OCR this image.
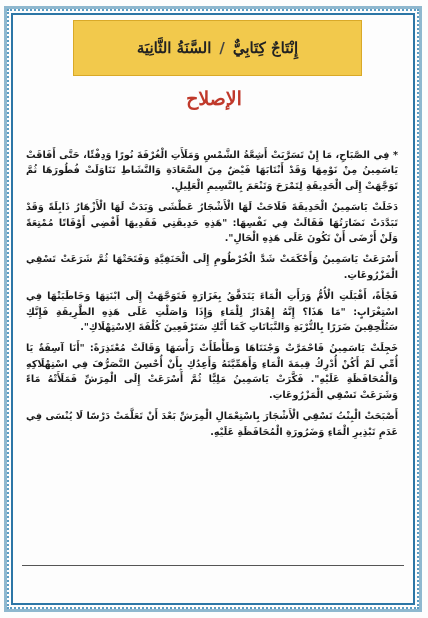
إِنْتَاجٌ كِتَابِيٌّ
/
السَّنَةُ الثَّانِيَة
الإصلاح

* فِي الصَّبَاحِ، مَا إِنْ تَسَرَّبَتْ أَشِعَّةُ الشَّمْسِ وَمَلَأَتِ الْغُرْفَةَ نُورًا وَدِفْئًا، حَتَّى أَفَاقَتْ يَاسَمِينُ مِنْ نَوْمِهَا وَقَدْ أَنْتَابَهَا فَيْضٌ مِنَ السَّعَادَةِ وَالنَّشَاطِ تَنَاوَلَتْ فُطُورَهَا ثُمَّ تَوَجَّهَتْ إِلَى الْحَدِيقَةِ لِتَمْرَحَ وَتَنْعَمَ بِالنَّسِيمِ الْعَلِيلِ.

دَخَلَتْ يَاسَمِينُ الْحَدِيقَةَ فَلَاحَتْ لَهَا الْأَشْجَارُ عَطْشَى وَبَدَتْ لَهَا الْأَزْهَارُ ذَابِلَةً وَقَدْ تَبَدَّدَتْ نَضَارَتُهَا فَقَالَتْ فِي نَفْسِهَا: "هَذِهِ حَدِيقَتِي فَقَدِيهَا أَقْضِي أَوْقَاتًا مُمْتِعَةً وَلَنْ أَرْضَى أَنْ تَكُونَ عَلَى هَذِهِ الْحَالِ".

أَسْرَعَتْ يَاسَمِينُ وَأَحْكَمَتْ شَدَّ الْخُرْطُومِ إِلَى الْحَنَفِيَّةِ وَفَتَحَتْهَا ثُمَّ شَرَعَتْ تَسْقِي الْمَزْرُوعَاتِ.

فَجْأَةً، أَقْبَلَتِ الْأُمُّ وَرَأَتِ الْمَاءَ يَتَدَفَّقُ بِغَزَارَةٍ فَتَوَجَّهَتْ إِلَى ابْنَتِهَا وَخَاطَبَتْهَا فِي اسْتِغْرَابٍ: "مَا هَذَا؟ إِنَّهُ إِهْدَارٌ لِلْمَاءِ وَإِذَا وَاصَلْتِ عَلَى هَذِهِ الطَّرِيقَةِ فَإِنَّكِ سَتُلْحِقِينَ ضَرَرًا بِالتُّرْبَةِ وَالنَّبَاتَاتِ كَمَا أَنَّكِ سَتَرْفَعِينَ كُلْفَةَ الِاسْتِهْلَاكِ".

خَجِلَتْ يَاسَمِينُ فَاحْمَرَّتْ وَجْنَتَاهَا وَطَأْطَأَتْ رَأْسَهَا وَقَالَتْ مُعْتَذِرَةً: "أَنَا آسِفَةٌ يَا أُمِّي لَمْ أَكُنْ أُدْرِكُ قِيمَةَ الْمَاءِ وَأَهَمِّيَّتَهُ وَأَعِدُكِ بِأَنْ أُحْسِنَ التَّصَرُّفَ فِي اسْتِهْلَاكِهِ وَالْمُحَافَظَةِ عَلَيْهِ". فَكَّرَتْ يَاسَمِينُ مَلِيًّا ثُمَّ أَسْرَعَتْ إِلَى الْمِرَشِّ فَمَلَأَتْهُ مَاءً وَشَرَعَتْ تَسْقِي الْمَزْرُوعَاتِ.

أَصْبَحَتْ الْبِنْتُ تَسْقِي الْأَشْجَارَ بِاسْتِعْمَالِ الْمِرَشِّ بَعْدَ أَنْ تَعَلَّمَتْ دَرْسًا لَا يُنْسَى فِي عَدَمِ تَبْذِيرِ الْمَاءِ وَضَرُورَةِ الْمُحَافَظَةِ عَلَيْهِ.
